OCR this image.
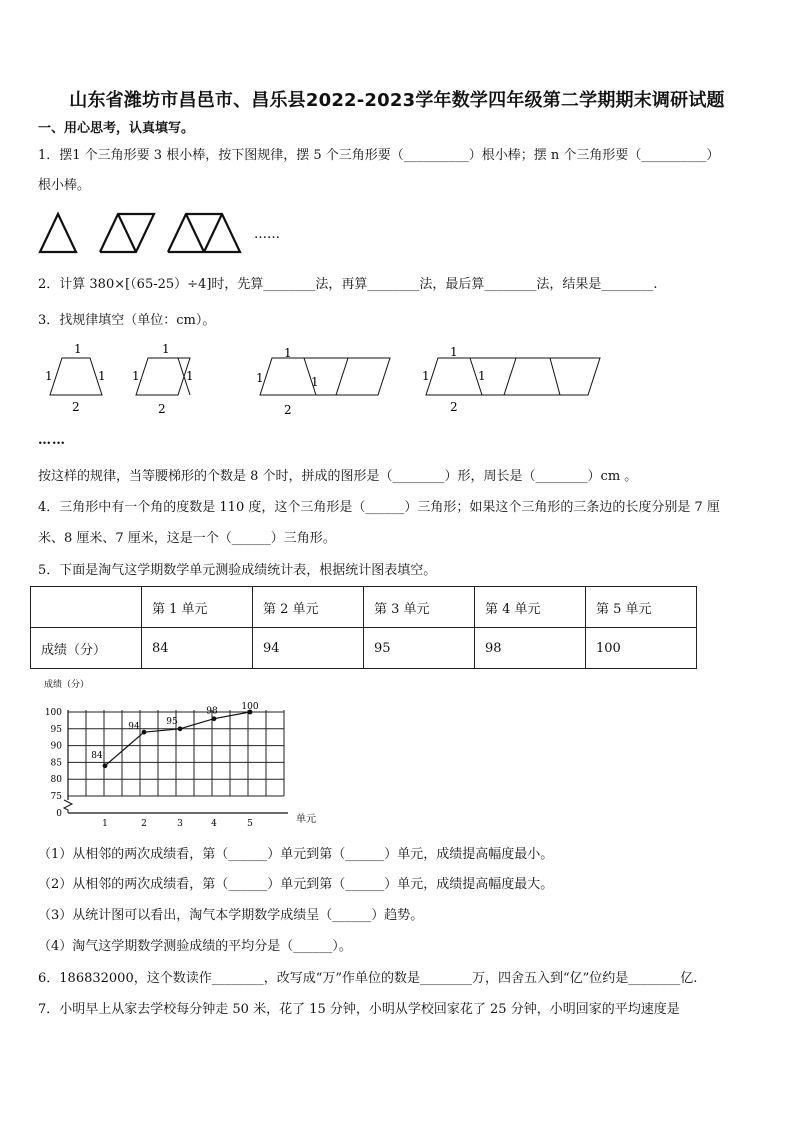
山东省潍坊市昌邑市、昌乐县2022-2023学年数学四年级第二学期期末调研试题
一、用心思考，认真填写。
1．摆1 个三角形要 3 根小棒，按下图规律，摆 5 个三角形要（__________）根小棒；摆 n 个三角形要（__________）
根小棒。
……
2．计算 380×[（65-25）÷4]时，先算________法，再算________法，最后算________法，结果是________.
3．找规律填空（单位：cm）。
1
1	1
2
1
1	1
2
1
1	1
2
1
1	1
2
……
按这样的规律，当等腰梯形的个数是 8 个时，拼成的图形是（________）形，周长是（________）cm 。
4．三角形中有一个角的度数是 110 度，这个三角形是（______）三角形；如果这个三角形的三条边的长度分别是 7 厘
米、8 厘米、7 厘米，这是一个（______）三角形。
5．下面是淘气这学期数学单元测验成绩统计表，根据统计图表填空。
	第 1 单元	第 2 单元	第 3 单元	第 4 单元	第 5 单元
成绩（分）	84	94	95	98	100
成绩（分）
100
95
90
85
80
75
0
1	2	3	4	5
84
94
95
98	100
单元
（1）从相邻的两次成绩看，第（______）单元到第（______）单元，成绩提高幅度最小。
（2）从相邻的两次成绩看，第（______）单元到第（______）单元，成绩提高幅度最大。
（3）从统计图可以看出，淘气本学期数学成绩呈（______）趋势。
（4）淘气这学期数学测验成绩的平均分是（______）。
6．186832000，这个数读作________，改写成“万”作单位的数是________万，四舍五入到“亿”位约是________亿.
7．小明早上从家去学校每分钟走 50 米，花了 15 分钟，小明从学校回家花了 25 分钟，小明回家的平均速度是
